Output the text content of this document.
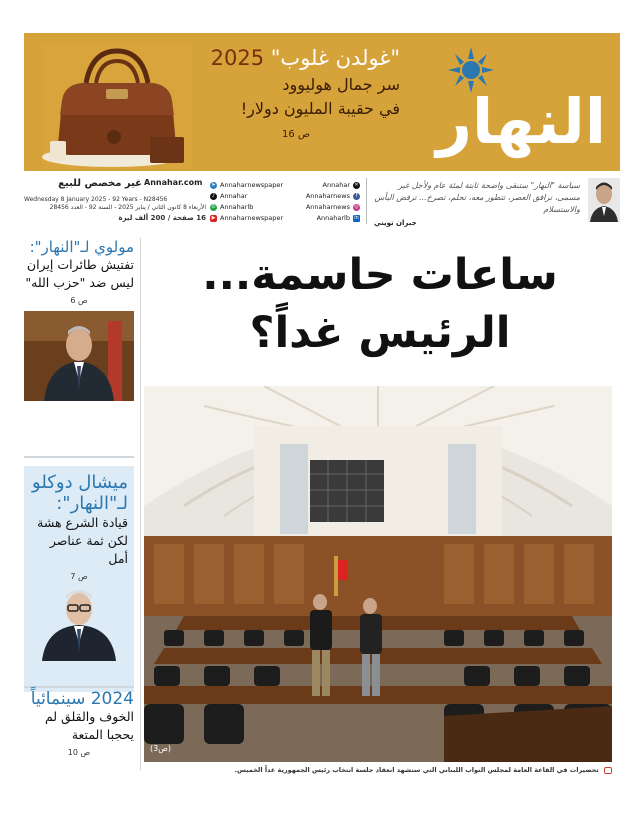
"غولدن غلوب" 2025
سر جمال هوليوود
في حقيبة المليون دولار!
ص 16	النهار
غير مخصص للبيع Annahar.com
Wednesday 8 January 2025 - 92 Years - N28456
الأربعاء 8 كانون الثاني / يناير 2025 - السنة 92 - العدد 28456
16 صفحة / 200 ألف ليرة
➤ Annaharnewspaper
♪ Annahar
✆ Annaharlb
▶ Annaharnewspaper
Annahar ✕
Annaharnews	f
Annaharnews ◎
Annaharlb in
سياسة "النهار" ستبقى واضحة ثابتة لمئة عام ولأجل غير مسمى، ترافق العصر، تتطور معه، تحلم، تصرخ... ترفض اليأس والاستسلام
جبران تويني
مولوي لـ"النهار":
تفتيش طائرات إيران ليس ضد "حزب الله"
ص 6
ميشال دوكلو لـ"النهار":
قيادة الشرع هشة لكن ثمة عناصر أمل
ص 7
2024 سينمائياً
الخوف والقلق لم يحجبا المتعة
ص 10
ساعات حاسمة...
الرئيس غداً؟
(ص3)
تحضيرات في القاعة العامة لمجلس النواب اللبناني التي ستشهد انعقاد جلسة انتخاب رئيس الجمهورية غداً الخميس.
